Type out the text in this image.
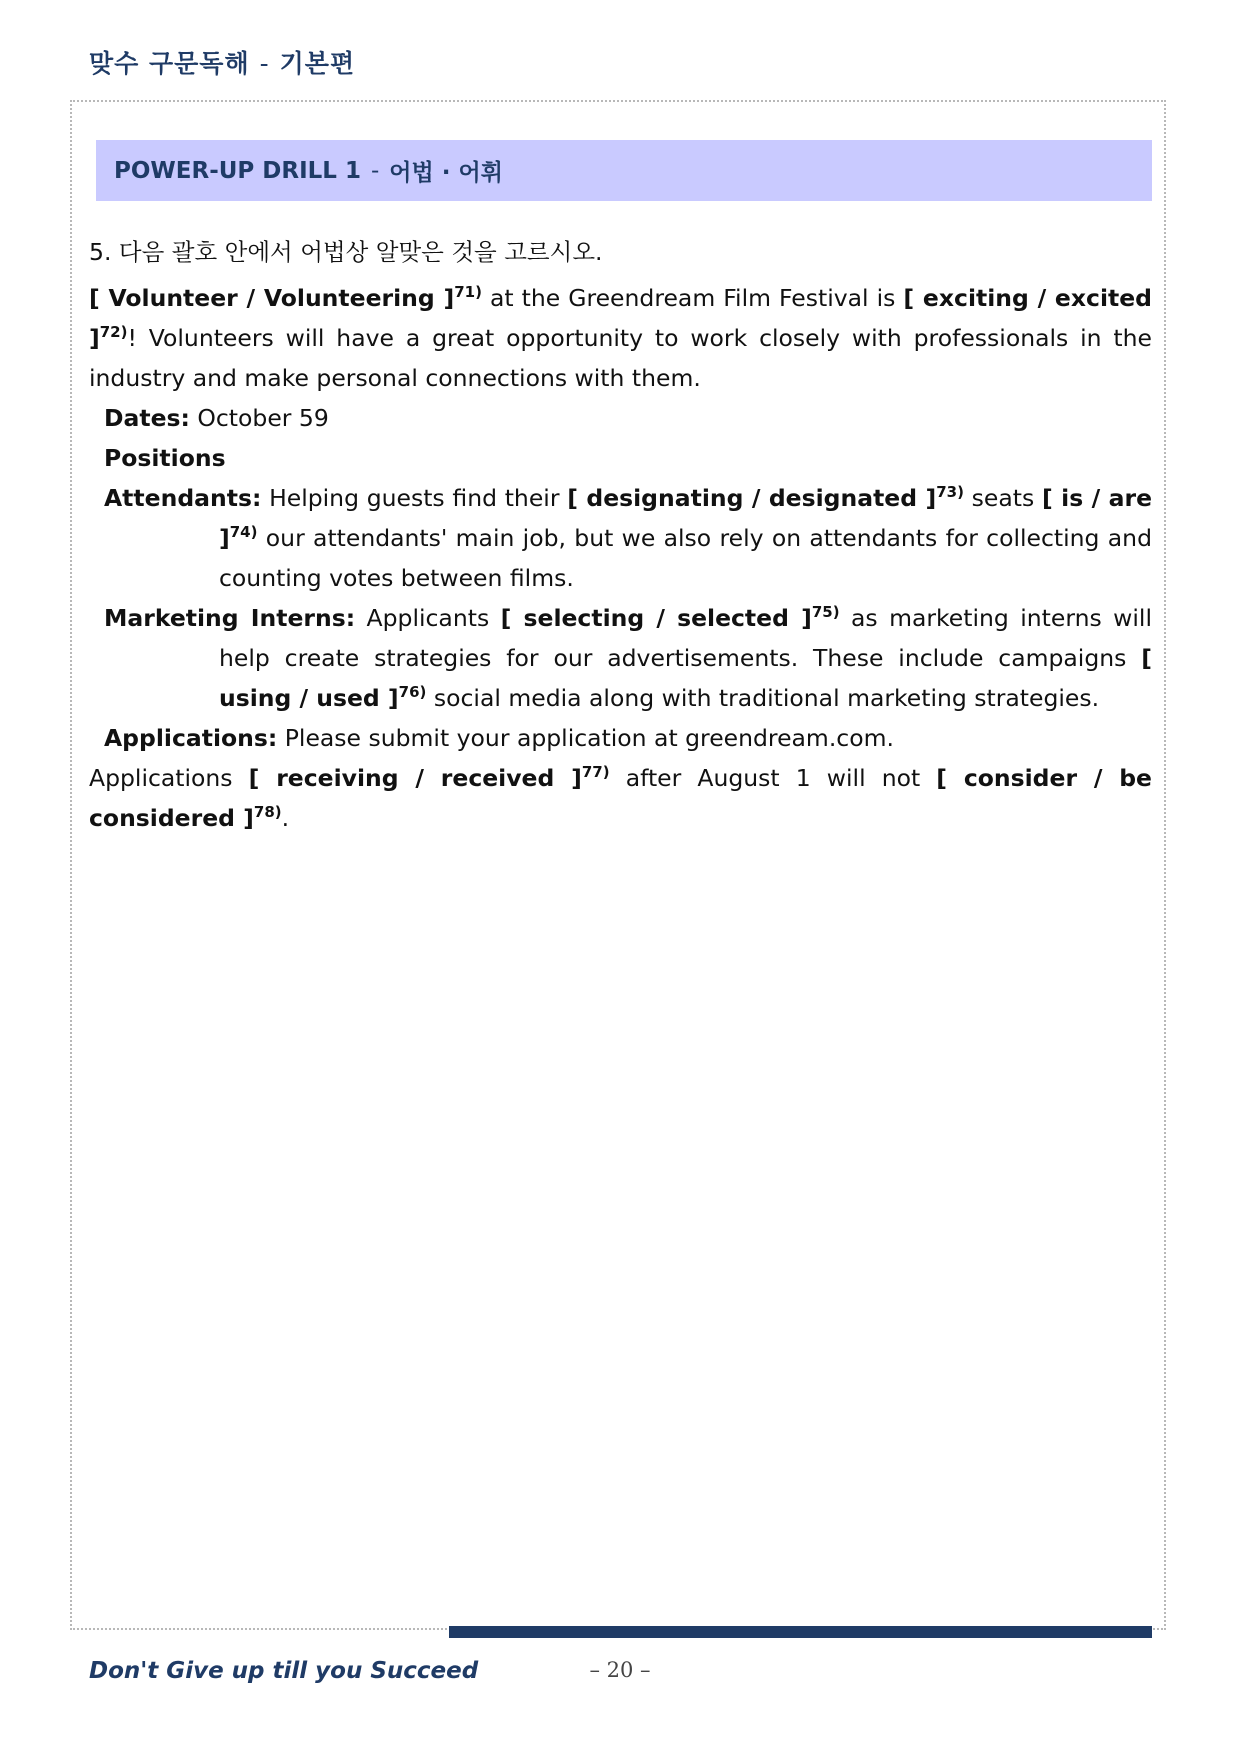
맞수 구문독해 - 기본편
POWER-UP DRILL 1 - 어법 · 어휘

5. 다음 괄호 안에서 어법상 알맞은 것을 고르시오.

[ Volunteer / Volunteering ]$^{71)}$ at the Greendream Film Festival is [ exciting / excited ]$^{72)}$! Volunteers will have a great opportunity to work closely with professionals in the industry and make personal connections with them.

Dates: October 59

Positions

Attendants: Helping guests find their [ designating / designated ]$^{73)}$ seats [ is / are ]$^{74)}$ our attendants' main job, but we also rely on attendants for collecting and counting votes between films.

Marketing Interns: Applicants [ selecting / selected ]$^{75)}$ as marketing interns will help create strategies for our advertisements. These include campaigns [ using / used ]$^{76)}$ social media along with traditional marketing strategies.

Applications: Please submit your application at greendream.com.

Applications [ receiving / received ]$^{77)}$ after August 1 will not [ consider / be considered ]$^{78)}$.

Don't Give up till you Succeed	– 20 –
